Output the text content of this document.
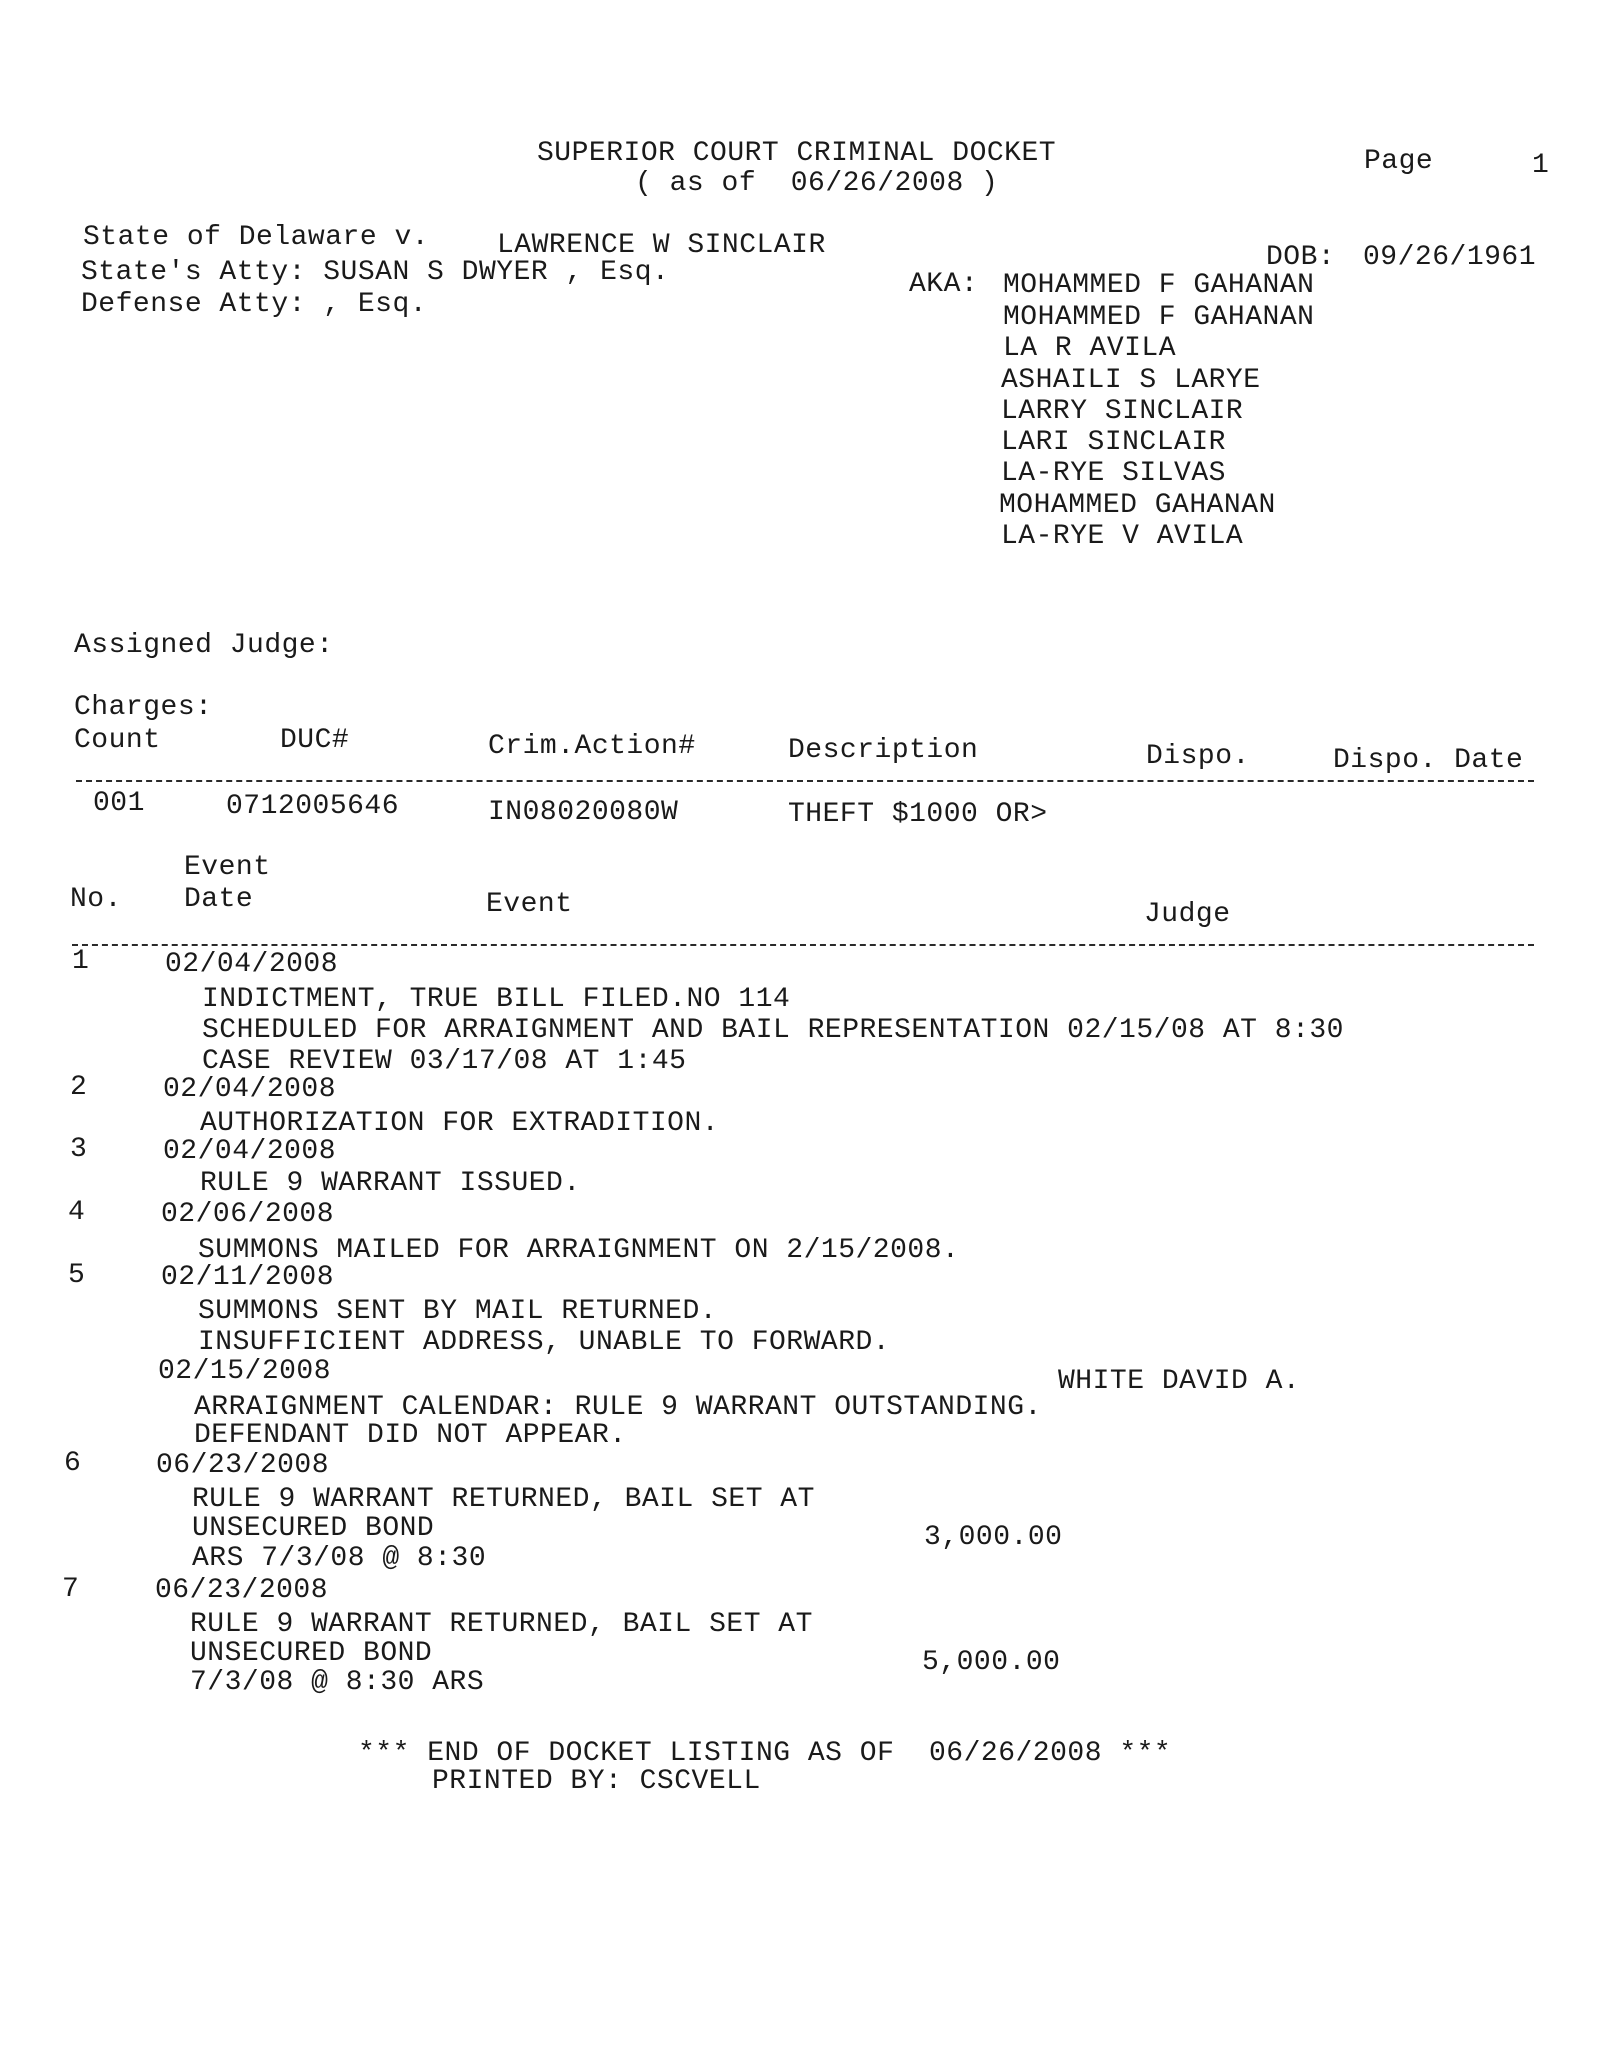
SUPERIOR COURT CRIMINAL DOCKET
( as of  06/26/2008 )
Page	1
State of Delaware v. LAWRENCE W SINCLAIR
State's Atty: SUSAN S DWYER , Esq.
Defense Atty: , Esq.
DOB: 09/26/1961
AKA: MOHAMMED F GAHANAN
MOHAMMED F GAHANAN
LA R AVILA
ASHAILI S LARYE
LARRY SINCLAIR
LARI SINCLAIR
LA-RYE SILVAS
MOHAMMED GAHANAN
LA-RYE V AVILA
Assigned Judge:
Charges:
Count	DUC#	Crim.Action#	Description	Dispo.	Dispo. Date
001	0712005646	IN08020080W	THEFT $1000 OR>
Event
No. Date	Event	Judge
1	02/04/2008
INDICTMENT, TRUE BILL FILED.NO 114
SCHEDULED FOR ARRAIGNMENT AND BAIL REPRESENTATION 02/15/08 AT 8:30
CASE REVIEW 03/17/08 AT 1:45
2	02/04/2008
AUTHORIZATION FOR EXTRADITION.
3	02/04/2008
RULE 9 WARRANT ISSUED.
4	02/06/2008
SUMMONS MAILED FOR ARRAIGNMENT ON 2/15/2008.
5	02/11/2008
SUMMONS SENT BY MAIL RETURNED.
INSUFFICIENT ADDRESS, UNABLE TO FORWARD.
02/15/2008	WHITE DAVID A.
ARRAIGNMENT CALENDAR: RULE 9 WARRANT OUTSTANDING.
DEFENDANT DID NOT APPEAR.
6	06/23/2008
RULE 9 WARRANT RETURNED, BAIL SET AT
UNSECURED BOND	3,000.00
ARS 7/3/08 @ 8:30
7	06/23/2008
RULE 9 WARRANT RETURNED, BAIL SET AT
UNSECURED BOND	5,000.00
7/3/08 @ 8:30 ARS
*** END OF DOCKET LISTING AS OF  06/26/2008 ***
PRINTED BY: CSCVELL
